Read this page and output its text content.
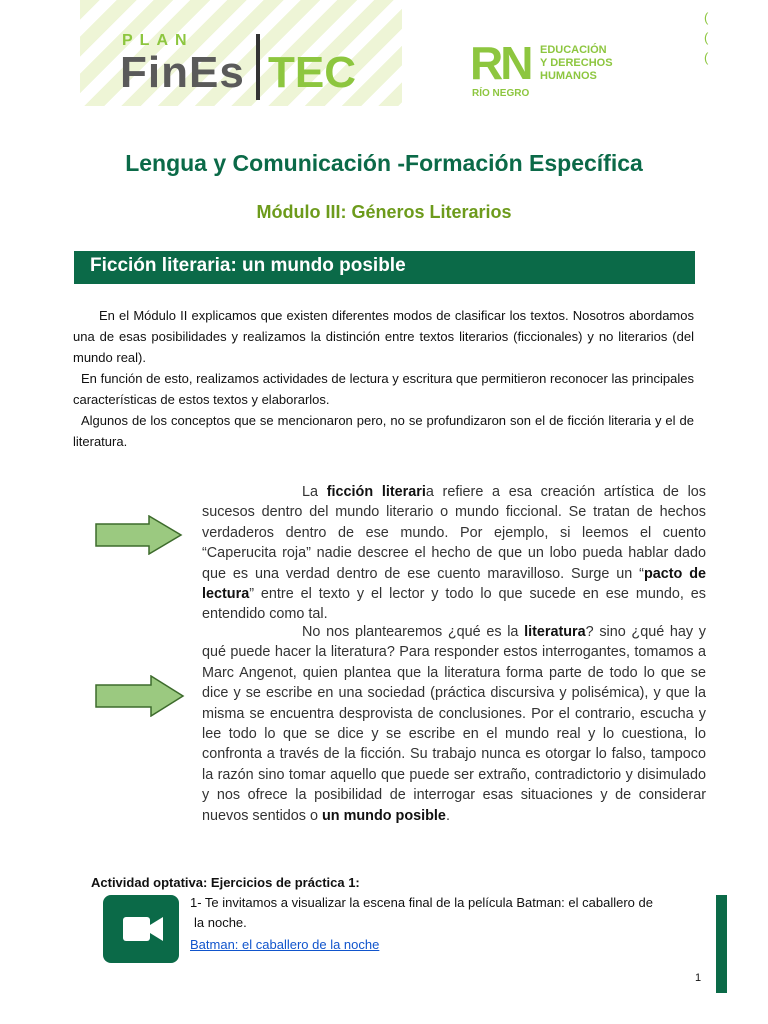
PLAN
FinEs TEC RN
RÍO NEGRO
EDUCACIÓN
Y DERECHOS
HUMANOS
(
(
(
Lengua y Comunicación -Formación Específica
Módulo III: Géneros Literarios
Ficción literaria: un mundo posible

En el Módulo II explicamos que existen diferentes modos de clasificar los textos. Nosotros abordamos una de esas posibilidades y realizamos la distinción entre textos literarios (ficcionales) y no literarios (del mundo real).

En función de esto, realizamos actividades de lectura y escritura que permitieron reconocer las principales características de estos textos y elaborarlos.

Algunos de los conceptos que se mencionaron pero, no se profundizaron son el de ficción literaria y el de literatura.

La ficción literaria refiere a esa creación artística de los sucesos dentro del mundo literario o mundo ficcional. Se tratan de hechos verdaderos dentro de ese mundo. Por ejemplo, si leemos el cuento “Caperucita roja” nadie descree el hecho de que un lobo pueda hablar dado que es una verdad dentro de ese cuento maravilloso. Surge un “pacto de lectura” entre el texto y el lector y todo lo que sucede en ese mundo, es entendido como tal.

No nos plantearemos ¿qué es la literatura? sino ¿qué hay y qué puede hacer la literatura? Para responder estos interrogantes, tomamos a Marc Angenot, quien plantea que la literatura forma parte de todo lo que se dice y se escribe en una sociedad (práctica discursiva y polisémica), y que la misma se encuentra desprovista de conclusiones. Por el contrario, escucha y lee todo lo que se dice y se escribe en el mundo real y lo cuestiona, lo confronta a través de la ficción. Su trabajo nunca es otorgar lo falso, tampoco la razón sino tomar aquello que puede ser extraño, contradictorio y disimulado y nos ofrece la posibilidad de interrogar esas situaciones y de considerar nuevos sentidos o un mundo posible.

Actividad optativa: Ejercicios de práctica 1:
1- Te invitamos a visualizar la escena final de la película Batman: el caballero de
la noche.
Batman: el caballero de la noche
1
